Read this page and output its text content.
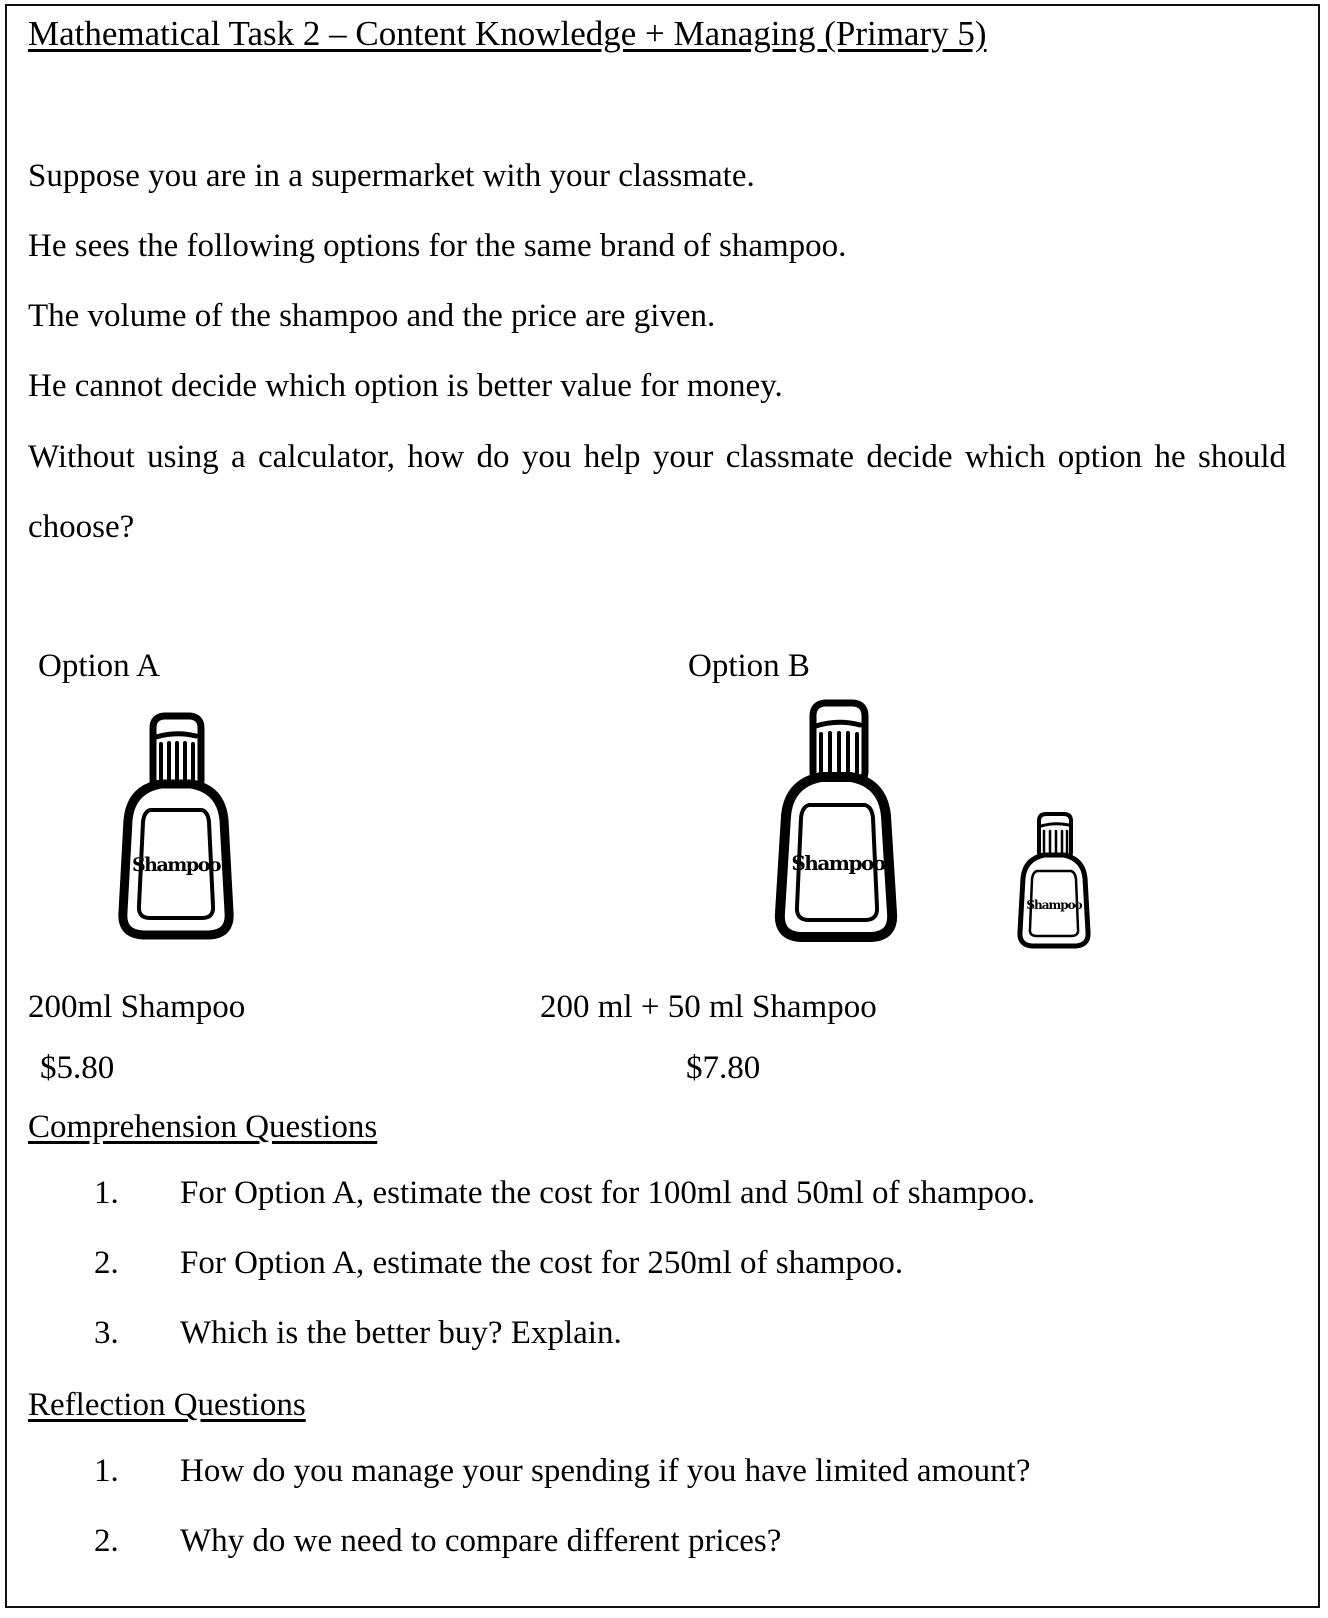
Mathematical Task 2 – Content Knowledge + Managing (Primary 5)

Suppose you are in a supermarket with your classmate.

He sees the following options for the same brand of shampoo.

The volume of the shampoo and the price are given.

He cannot decide which option is better value for money.

Without using a calculator, how do you help your classmate decide which option he should choose?

Option A	Option B
Shampoo	Shampoo
Shampoo
200ml Shampoo	200 ml + 50 ml Shampoo
$5.80	$7.80
Comprehension Questions
1.	For Option A, estimate the cost for 100ml and 50ml of shampoo.
2.	For Option A, estimate the cost for 250ml of shampoo.
3.	Which is the better buy? Explain.
Reflection Questions
1.	How do you manage your spending if you have limited amount?
2.	Why do we need to compare different prices?
